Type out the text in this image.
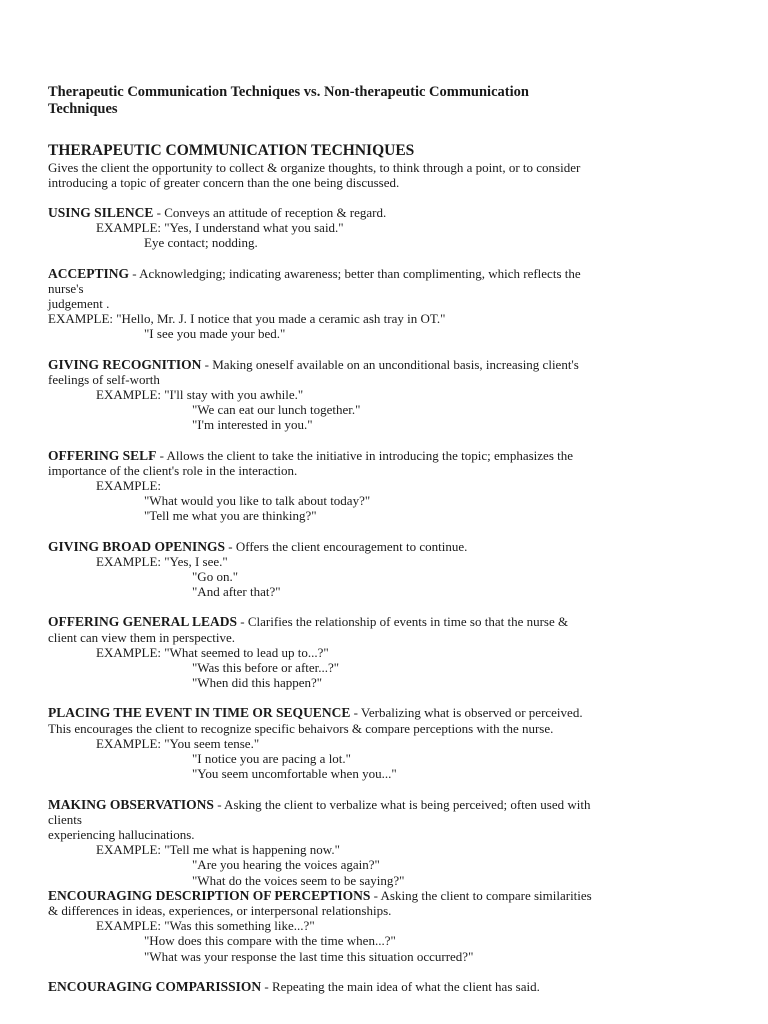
Therapeutic Communication Techniques vs. Non-therapeutic Communication
Techniques

THERAPEUTIC COMMUNICATION TECHNIQUES

Gives the client the opportunity to collect & organize thoughts, to think through a point, or to consider
introducing a topic of greater concern than the one being discussed.

USING SILENCE - Conveys an attitude of reception & regard.
EXAMPLE: "Yes, I understand what you said."
Eye contact; nodding.
ACCEPTING - Acknowledging; indicating awareness; better than complimenting, which reflects the
nurse's
judgement .
EXAMPLE: "Hello, Mr. J. I notice that you made a ceramic ash tray in OT."
"I see you made your bed."
GIVING RECOGNITION - Making oneself available on an unconditional basis, increasing client's
feelings of self-worth
EXAMPLE: "I'll stay with you awhile."
"We can eat our lunch together."
"I'm interested in you."
OFFERING SELF - Allows the client to take the initiative in introducing the topic; emphasizes the
importance of the client's role in the interaction.
EXAMPLE:
"What would you like to talk about today?"
"Tell me what you are thinking?"
GIVING BROAD OPENINGS - Offers the client encouragement to continue.
EXAMPLE: "Yes, I see."
"Go on."
"And after that?"
OFFERING GENERAL LEADS - Clarifies the relationship of events in time so that the nurse &
client can view them in perspective.
EXAMPLE: "What seemed to lead up to...?"
"Was this before or after...?"
"When did this happen?"
PLACING THE EVENT IN TIME OR SEQUENCE - Verbalizing what is observed or perceived.
This encourages the client to recognize specific behaivors & compare perceptions with the nurse.
EXAMPLE: "You seem tense."
"I notice you are pacing a lot."
"You seem uncomfortable when you..."
MAKING OBSERVATIONS - Asking the client to verbalize what is being perceived; often used with
clients
experiencing hallucinations.
EXAMPLE: "Tell me what is happening now."
"Are you hearing the voices again?"
"What do the voices seem to be saying?"
ENCOURAGING DESCRIPTION OF PERCEPTIONS - Asking the client to compare similarities
& differences in ideas, experiences, or interpersonal relationships.
EXAMPLE: "Was this something like...?"
"How does this compare with the time when...?"
"What was your response the last time this situation occurred?"
ENCOURAGING COMPARISSION - Repeating the main idea of what the client has said.
